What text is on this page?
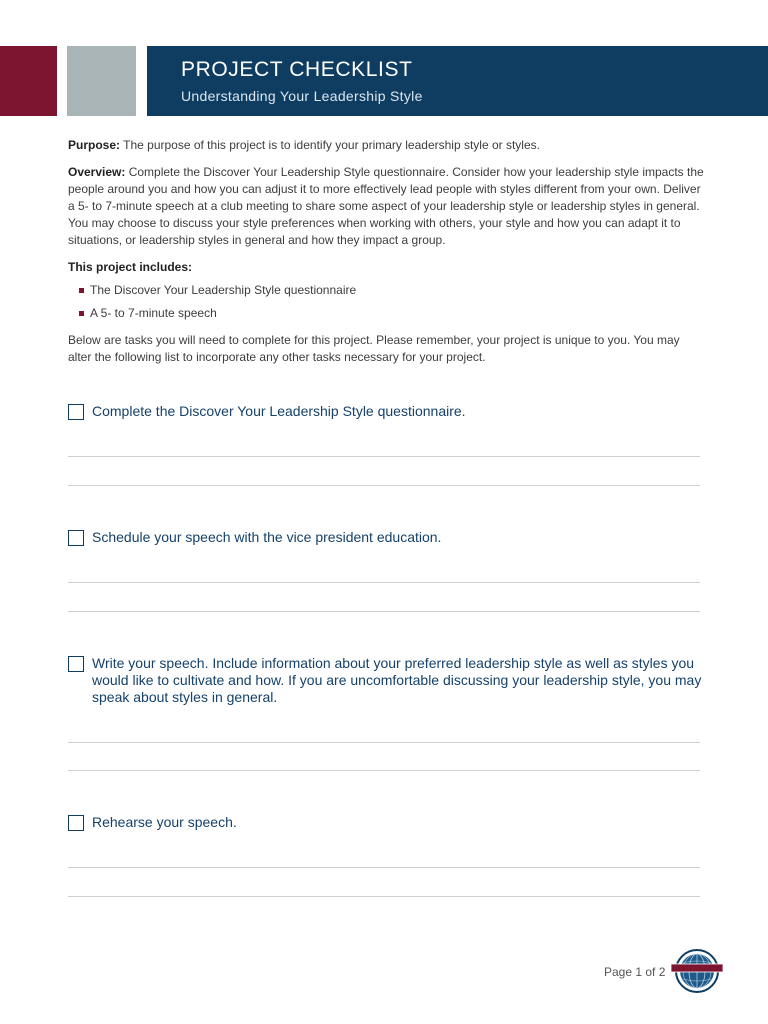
PROJECT CHECKLIST
Understanding Your Leadership Style

Purpose: The purpose of this project is to identify your primary leadership style or styles.

Overview: Complete the Discover Your Leadership Style questionnaire. Consider how your leadership style impacts the people around you and how you can adjust it to more effectively lead people with styles different from your own. Deliver a 5- to 7-minute speech at a club meeting to share some aspect of your leadership style or leadership styles in general. You may choose to discuss your style preferences when working with others, your style and how you can adapt it to situations, or leadership styles in general and how they impact a group.

This project includes:

The Discover Your Leadership Style questionnaire
A 5- to 7-minute speech

Below are tasks you will need to complete for this project. Please remember, your project is unique to you. You may alter the following list to incorporate any other tasks necessary for your project.

Complete the Discover Your Leadership Style questionnaire.
Schedule your speech with the vice president education.
Write your speech. Include information about your preferred leadership style as well as styles you would like to cultivate and how. If you are uncomfortable discussing your leadership style, you may speak about styles in general.
Rehearse your speech.
Page 1 of 2
